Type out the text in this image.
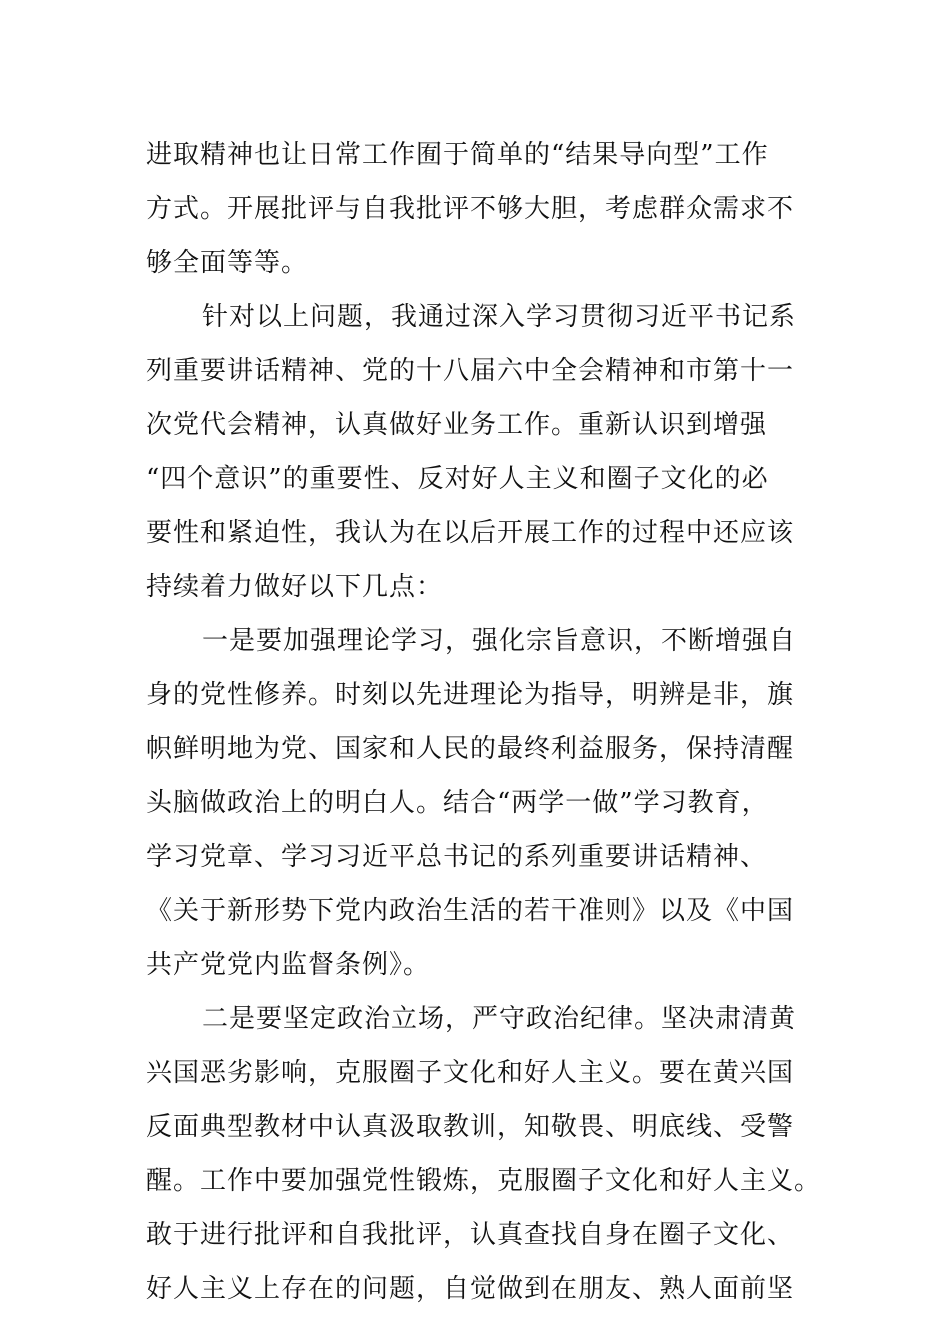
进取精神也让日常工作囿于简单的“结果导向型”工作
方式。开展批评与自我批评不够大胆，考虑群众需求不
够全面等等。
针对以上问题，我通过深入学习贯彻习近平书记系
列重要讲话精神、党的十八届六中全会精神和市第十一
次党代会精神，认真做好业务工作。重新认识到增强
“四个意识”的重要性、反对好人主义和圈子文化的必
要性和紧迫性，我认为在以后开展工作的过程中还应该
持续着力做好以下几点：
一是要加强理论学习，强化宗旨意识，不断增强自
身的党性修养。时刻以先进理论为指导，明辨是非，旗
帜鲜明地为党、国家和人民的最终利益服务，保持清醒
头脑做政治上的明白人。结合“两学一做”学习教育，
学习党章、学习习近平总书记的系列重要讲话精神、
《关于新形势下党内政治生活的若干准则》以及《中国
共产党党内监督条例》。
二是要坚定政治立场，严守政治纪律。坚决肃清黄
兴国恶劣影响，克服圈子文化和好人主义。要在黄兴国
反面典型教材中认真汲取教训，知敬畏、明底线、受警
醒。工作中要加强党性锻炼，克服圈子文化和好人主义。
敢于进行批评和自我批评，认真查找自身在圈子文化、
好人主义上存在的问题，自觉做到在朋友、熟人面前坚
